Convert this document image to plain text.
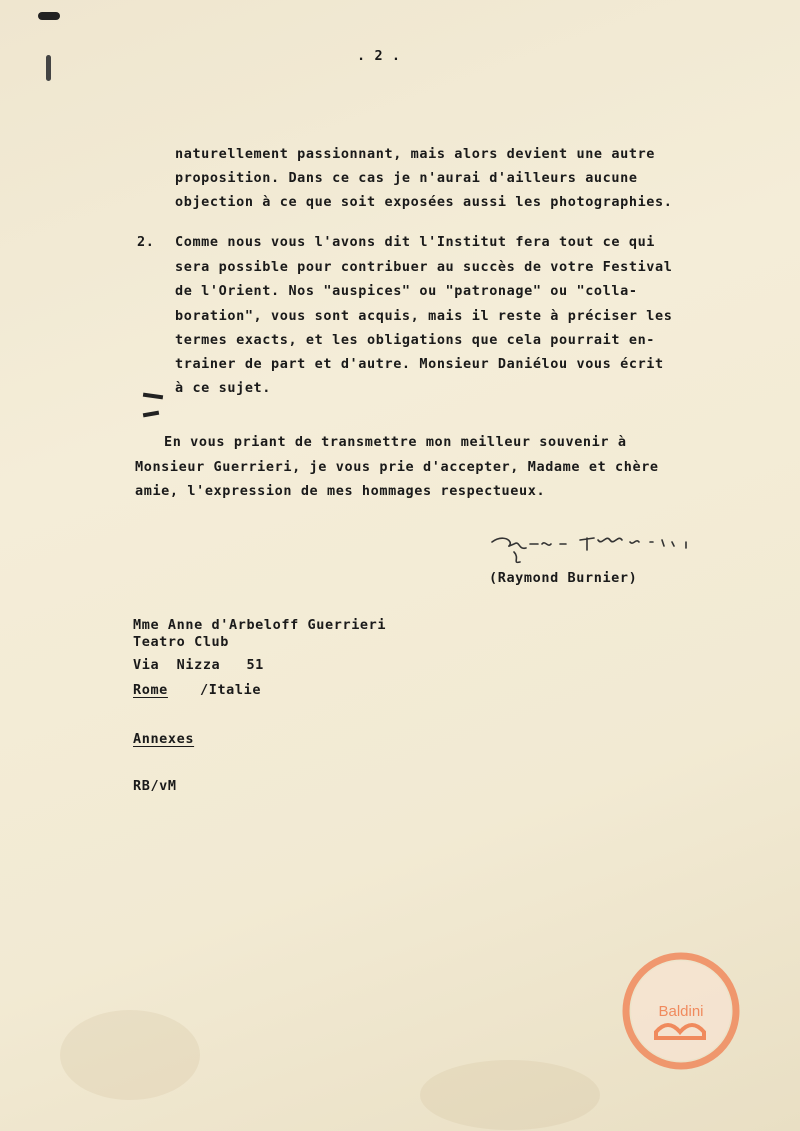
. 2 .
naturellement passionnant, mais alors devient une autre
proposition. Dans ce cas je n'aurai d'ailleurs aucune
objection à ce que soit exposées aussi les photographies.
2. Comme nous vous l'avons dit l'Institut fera tout ce qui
sera possible pour contribuer au succès de votre Festival
de l'Orient. Nos "auspices" ou "patronage" ou "colla-
boration", vous sont acquis, mais il reste à préciser les
termes exacts, et les obligations que cela pourrait en-
trainer de part et d'autre. Monsieur Daniélou vous écrit
à ce sujet.
En vous priant de transmettre mon meilleur souvenir à
Monsieur Guerrieri, je vous prie d'accepter, Madame et chère
amie, l'expression de mes hommages respectueux.
(Raymond Burnier)
Mme Anne d'Arbeloff Guerrieri
Teatro Club
Via  Nizza   51
Rome /Italie
Annexes
RB/vM
Baldini
